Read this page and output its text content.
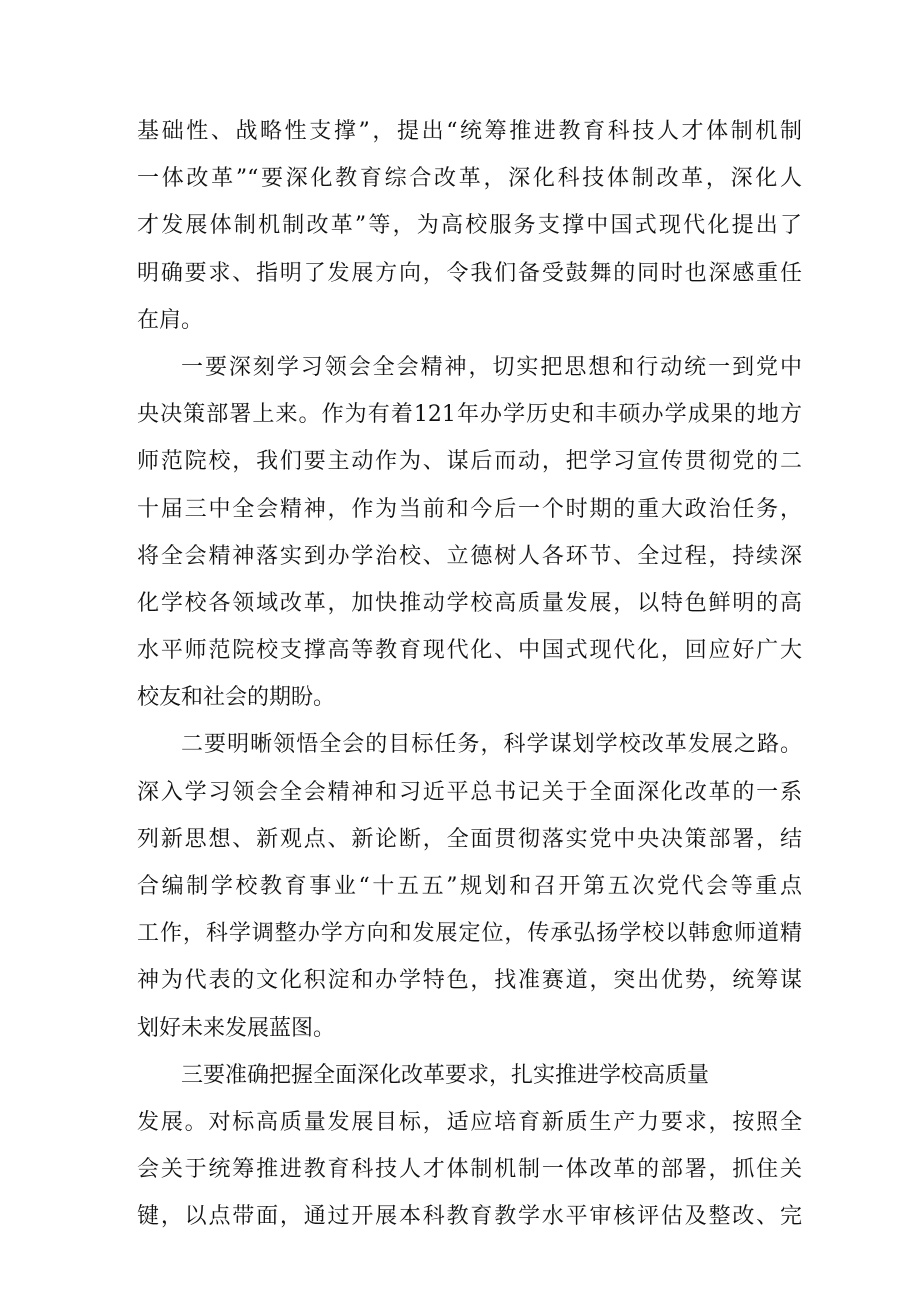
基础性、战略性支撑”，提出“统筹推进教育科技人才体制机制
一体改革”“要深化教育综合改革，深化科技体制改革，深化人
才发展体制机制改革”等，为高校服务支撑中国式现代化提出了
明确要求、指明了发展方向，令我们备受鼓舞的同时也深感重任
在肩。
一要深刻学习领会全会精神，切实把思想和行动统一到党中
央决策部署上来。作为有着121年办学历史和丰硕办学成果的地方
师范院校，我们要主动作为、谋后而动，把学习宣传贯彻党的二
十届三中全会精神，作为当前和今后一个时期的重大政治任务，
将全会精神落实到办学治校、立德树人各环节、全过程，持续深
化学校各领域改革，加快推动学校高质量发展，以特色鲜明的高
水平师范院校支撑高等教育现代化、中国式现代化，回应好广大
校友和社会的期盼。
二要明晰领悟全会的目标任务，科学谋划学校改革发展之路。
深入学习领会全会精神和习近平总书记关于全面深化改革的一系
列新思想、新观点、新论断，全面贯彻落实党中央决策部署，结
合编制学校教育事业“十五五”规划和召开第五次党代会等重点
工作，科学调整办学方向和发展定位，传承弘扬学校以韩愈师道精
神为代表的文化积淀和办学特色，找准赛道，突出优势，统筹谋
划好未来发展蓝图。
三要准确把握全面深化改革要求，扎实推进学校高质量
发展。对标高质量发展目标，适应培育新质生产力要求，按照全
会关于统筹推进教育科技人才体制机制一体改革的部署，抓住关
键，以点带面，通过开展本科教育教学水平审核评估及整改、完
